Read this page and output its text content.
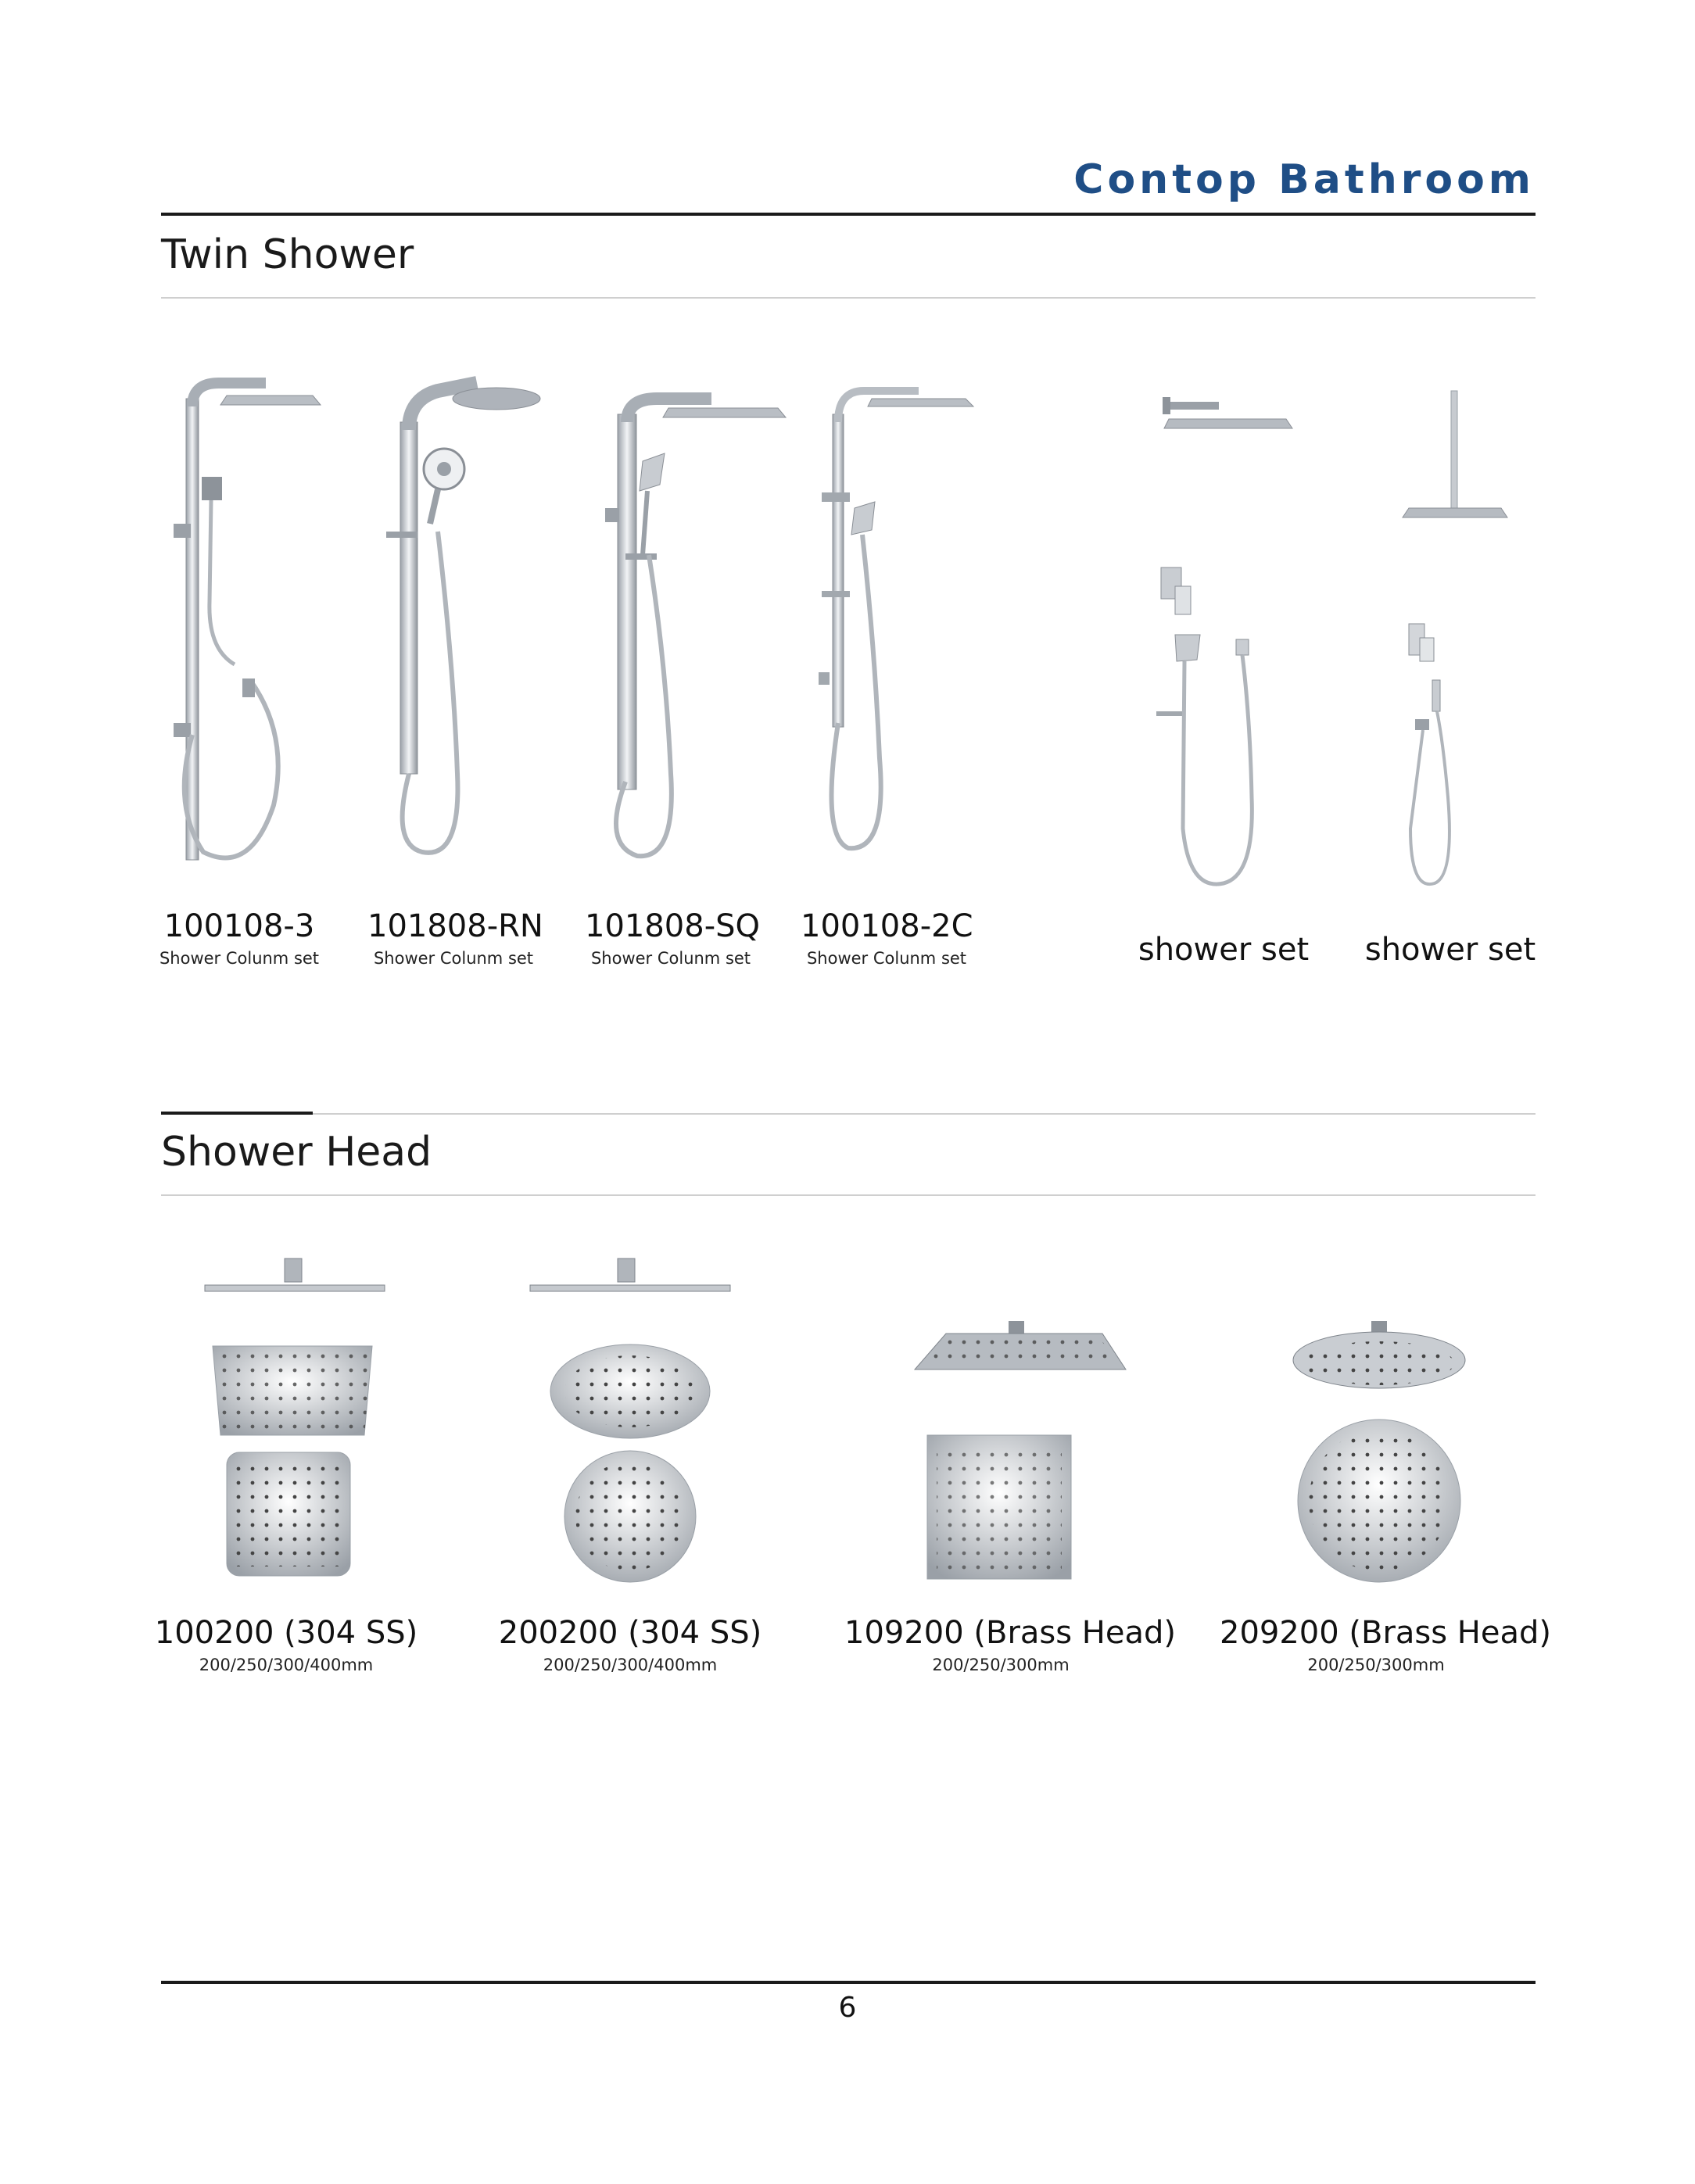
Contop Bathroom
Twin Shower
100108-3
Shower Colunm set
101808-RN
Shower Colunm set
101808-SQ
Shower Colunm set
100108-2C
Shower Colunm set	shower set	shower set
Shower Head
100200 (304 SS)
200/250/300/400mm
200200 (304 SS)
200/250/300/400mm
109200 (Brass Head)
200/250/300mm
209200 (Brass Head)
200/250/300mm
6
